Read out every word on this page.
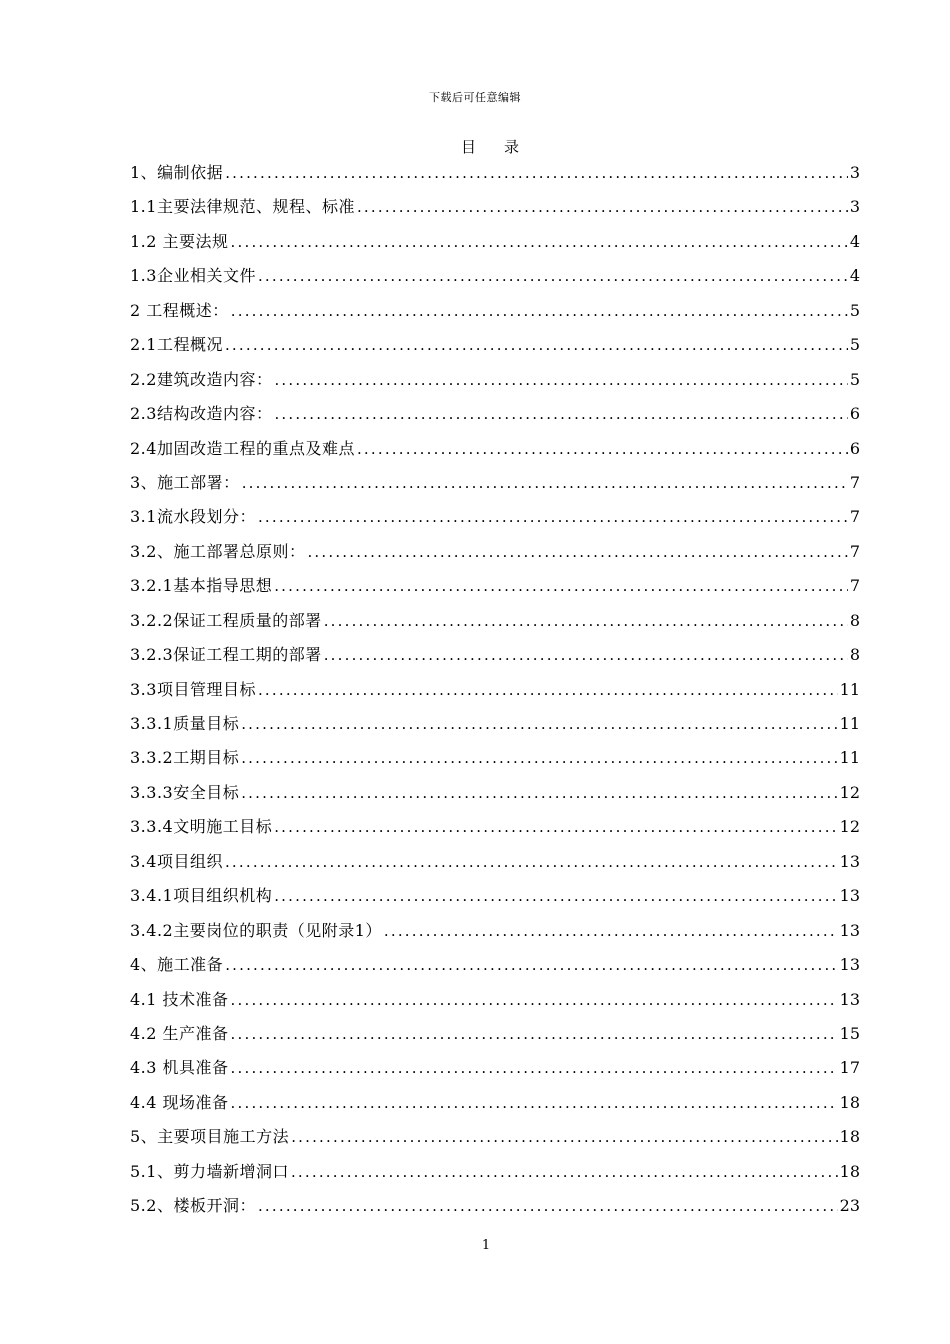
下载后可任意编辑
目 录
1、编制依据 .....	3
1.1主要法律规范、规程、标准 .....	3
1.2 主要法规 .....	4
1.3企业相关文件 .....	4
2 工程概述： .....	5
2.1工程概况 .....	5
2.2建筑改造内容： .....	5
2.3结构改造内容： .....	6
2.4加固改造工程的重点及难点 .....	6
3、施工部署： .....	7
3.1流水段划分： .....	7
3.2、施工部署总原则： .....	7
3.2.1基本指导思想 .....	7
3.2.2保证工程质量的部署 .....	8
3.2.3保证工程工期的部署 .....	8
3.3项目管理目标 .....	11
3.3.1质量目标 .....	11
3.3.2工期目标 .....	11
3.3.3安全目标 .....	12
3.3.4文明施工目标 .....	12
3.4项目组织 .....	13
3.4.1项目组织机构 .....	13
3.4.2主要岗位的职责（见附录1） .....	13
4、施工准备 .....	13
4.1 技术准备 .....	13
4.2 生产准备 .....	15
4.3 机具准备 .....	17
4.4 现场准备 .....	18
5、主要项目施工方法 .....	18
5.1、剪力墙新增洞口 .....	18
5.2、楼板开洞： .....	23
1
